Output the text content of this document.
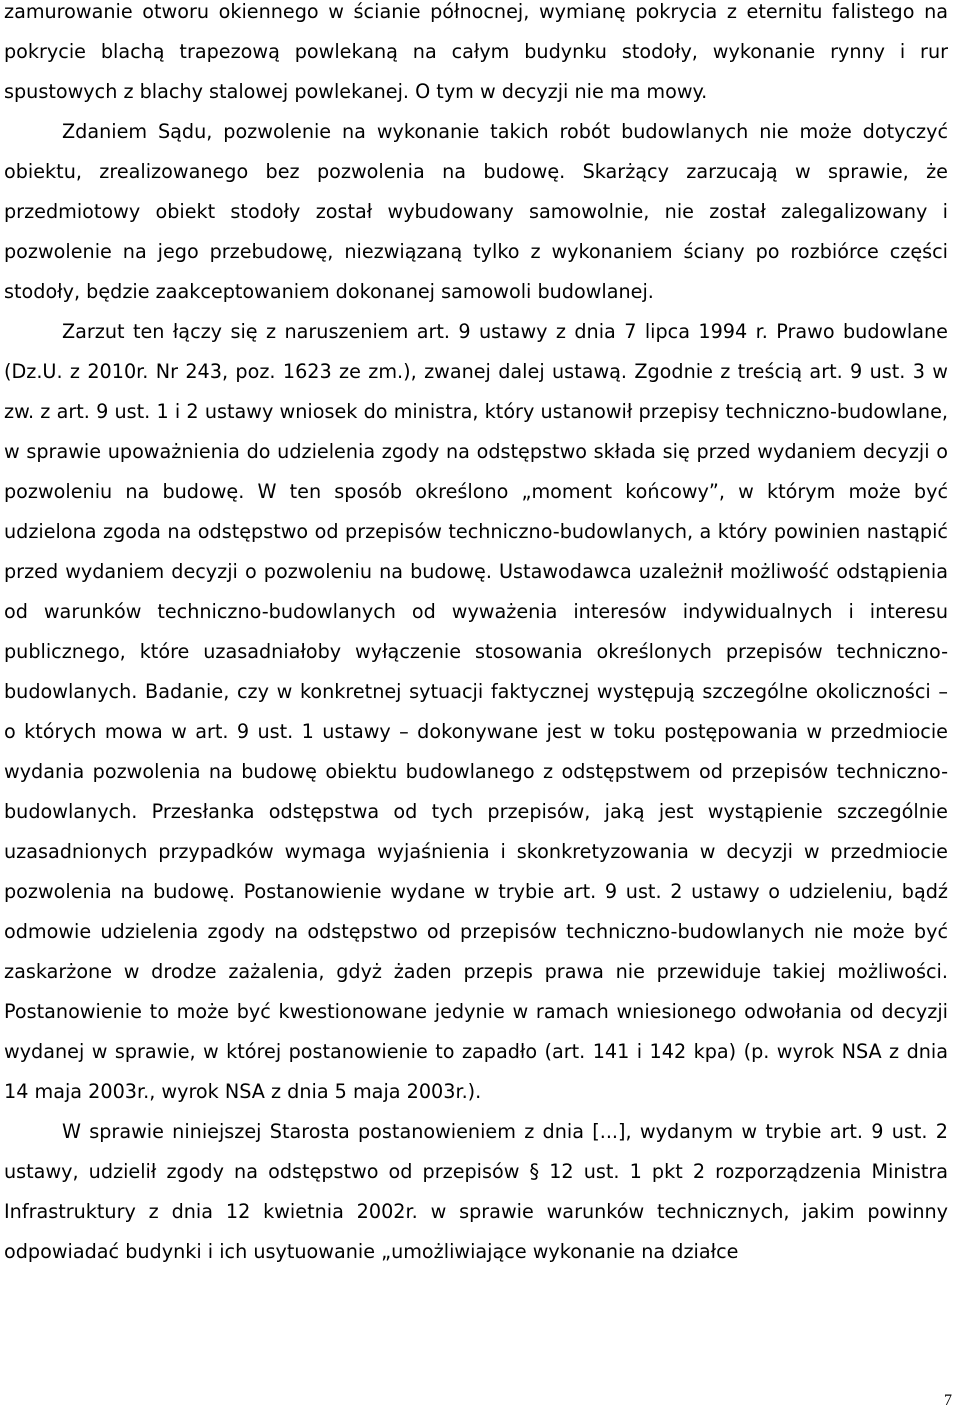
zamurowanie otworu okiennego w ścianie północnej, wymianę pokrycia z eternitu falistego na pokrycie blachą trapezową powlekaną na całym budynku stodoły, wykonanie rynny i rur spustowych z blachy stalowej powlekanej. O tym w decyzji nie ma mowy.

Zdaniem Sądu, pozwolenie na wykonanie takich robót budowlanych nie może dotyczyć obiektu, zrealizowanego bez pozwolenia na budowę. Skarżący zarzucają w sprawie, że przedmiotowy obiekt stodoły został wybudowany samowolnie, nie został zalegalizowany i pozwolenie na jego przebudowę, niezwiązaną tylko z wykonaniem ściany po rozbiórce części stodoły, będzie zaakceptowaniem dokonanej samowoli budowlanej.

Zarzut ten łączy się z naruszeniem art. 9 ustawy z dnia 7 lipca 1994 r. Prawo budowlane (Dz.U. z 2010r. Nr 243, poz. 1623 ze zm.), zwanej dalej ustawą. Zgodnie z treścią art. 9 ust. 3 w zw. z art. 9 ust. 1 i 2 ustawy wniosek do ministra, który ustanowił przepisy techniczno-budowlane, w sprawie upoważnienia do udzielenia zgody na odstępstwo składa się przed wydaniem decyzji o pozwoleniu na budowę. W ten sposób określono „moment końcowy”, w którym może być udzielona zgoda na odstępstwo od przepisów techniczno-budowlanych, a który powinien nastąpić przed wydaniem decyzji o pozwoleniu na budowę. Ustawodawca uzależnił możliwość odstąpienia od warunków techniczno-budowlanych od wyważenia interesów indywidualnych i interesu publicznego, które uzasadniałoby wyłączenie stosowania określonych przepisów techniczno-budowlanych. Badanie, czy w konkretnej sytuacji faktycznej występują szczególne okoliczności – o których mowa w art. 9 ust. 1 ustawy – dokonywane jest w toku postępowania w przedmiocie wydania pozwolenia na budowę obiektu budowlanego z odstępstwem od przepisów techniczno-budowlanych. Przesłanka odstępstwa od tych przepisów, jaką jest wystąpienie szczególnie uzasadnionych przypadków wymaga wyjaśnienia i skonkretyzowania w decyzji w przedmiocie pozwolenia na budowę. Postanowienie wydane w trybie art. 9 ust. 2 ustawy o udzieleniu, bądź odmowie udzielenia zgody na odstępstwo od przepisów techniczno-budowlanych nie może być zaskarżone w drodze zażalenia, gdyż żaden przepis prawa nie przewiduje takiej możliwości. Postanowienie to może być kwestionowane jedynie w ramach wniesionego odwołania od decyzji wydanej w sprawie, w której postanowienie to zapadło (art. 141 i 142 kpa) (p. wyrok NSA z dnia 14 maja 2003r., wyrok NSA z dnia 5 maja 2003r.).

W sprawie niniejszej Starosta postanowieniem z dnia [...], wydanym w trybie art. 9 ust. 2 ustawy, udzielił zgody na odstępstwo od przepisów § 12 ust. 1 pkt 2 rozporządzenia Ministra Infrastruktury z dnia 12 kwietnia 2002r. w sprawie warunków technicznych, jakim powinny odpowiadać budynki i ich usytuowanie „umożliwiające wykonanie na działce

7
